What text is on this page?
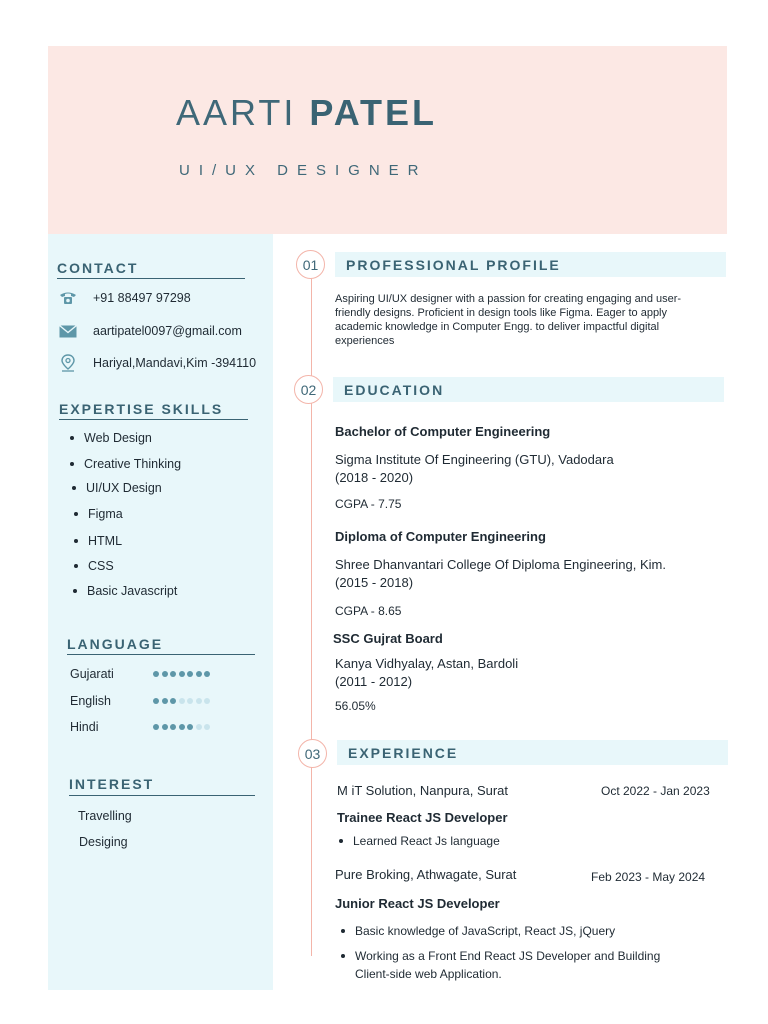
AARTI PATEL
UI/UX DESIGNER
CONTACT
+91 88497 97298
aartipatel0097@gmail.com
Hariyal,Mandavi,Kim -394110
EXPERTISE SKILLS
Web Design
Creative Thinking
UI/UX Design
Figma
HTML
CSS
Basic Javascript
LANGUAGE
Gujarati
English
Hindi
INTEREST
Travelling
Desiging
01	PROFESSIONAL PROFILE
Aspiring UI/UX designer with a passion for creating engaging and user-friendly designs. Proficient in design tools like Figma. Eager to apply academic knowledge in Computer Engg. to deliver impactful digital experiences
02	EDUCATION
Bachelor of Computer Engineering
Sigma Institute Of Engineering (GTU), Vadodara
(2018 - 2020)
CGPA - 7.75
Diploma of Computer Engineering
Shree Dhanvantari College Of Diploma Engineering, Kim.
(2015 - 2018)
CGPA - 8.65
SSC Gujrat Board
Kanya Vidhyalay, Astan, Bardoli
(2011 - 2012)
56.05%
03	EXPERIENCE
M iT Solution, Nanpura, Surat	Oct 2022 - Jan 2023
Trainee React JS Developer
Learned React Js language
Pure Broking, Athwagate, Surat	Feb 2023 - May 2024
Junior React JS Developer
Basic knowledge of JavaScript, React JS, jQuery
Working as a Front End React JS Developer and Building
Client-side web Application.
